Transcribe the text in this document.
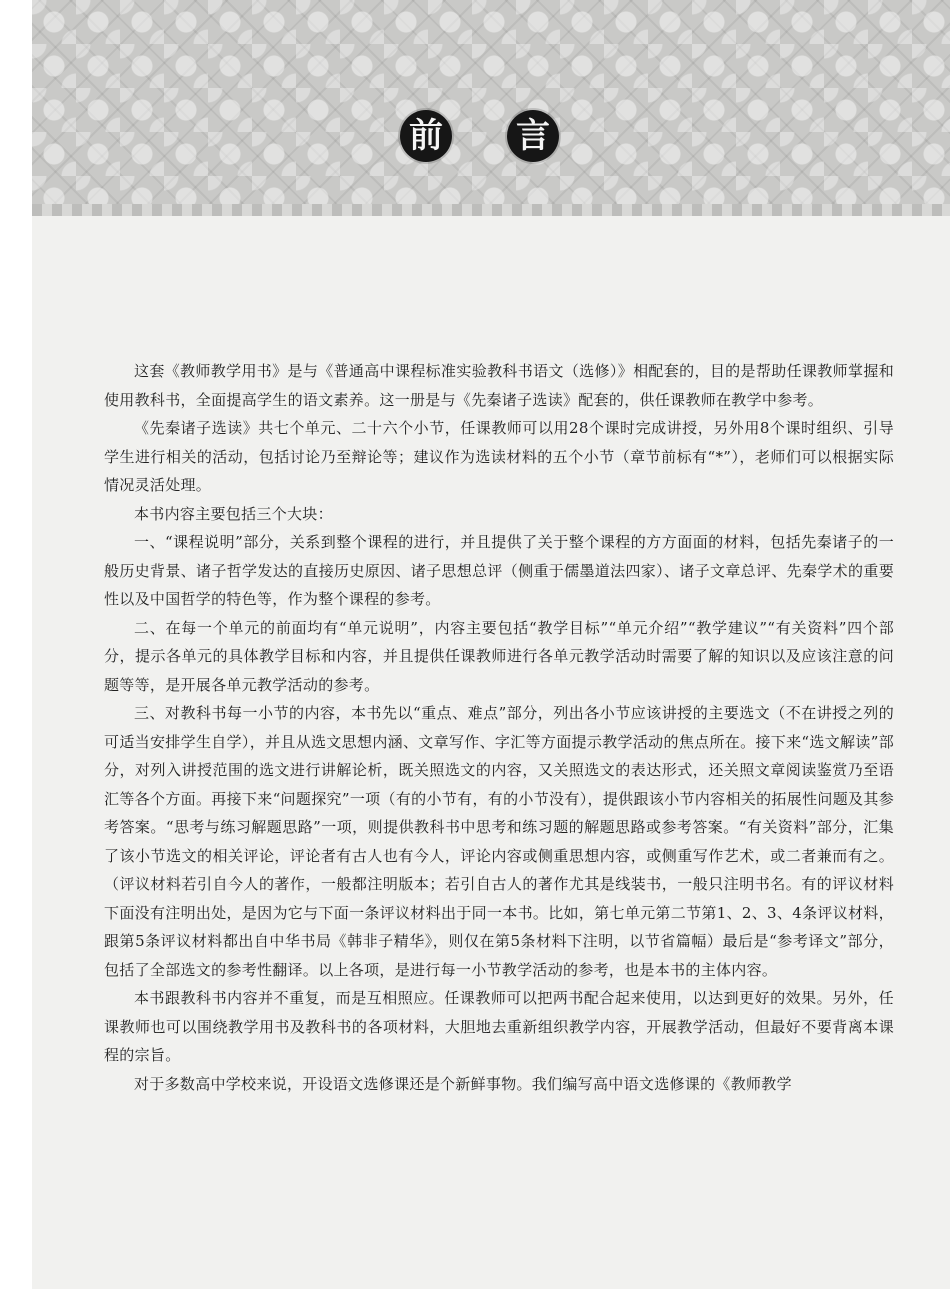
前 言

这套《教师教学用书》是与《普通高中课程标准实验教科书语文（选修）》相配套的，目的是帮助任课教师掌握和使用教科书，全面提高学生的语文素养。这一册是与《先秦诸子选读》配套的，供任课教师在教学中参考。

《先秦诸子选读》共七个单元、二十六个小节，任课教师可以用28个课时完成讲授，另外用8个课时组织、引导学生进行相关的活动，包括讨论乃至辩论等；建议作为选读材料的五个小节（章节前标有“*”），老师们可以根据实际情况灵活处理。

本书内容主要包括三个大块：

一、“课程说明”部分，关系到整个课程的进行，并且提供了关于整个课程的方方面面的材料，包括先秦诸子的一般历史背景、诸子哲学发达的直接历史原因、诸子思想总评（侧重于儒墨道法四家）、诸子文章总评、先秦学术的重要性以及中国哲学的特色等，作为整个课程的参考。

二、在每一个单元的前面均有“单元说明”，内容主要包括“教学目标”“单元介绍”“教学建议”“有关资料”四个部分，提示各单元的具体教学目标和内容，并且提供任课教师进行各单元教学活动时需要了解的知识以及应该注意的问题等等，是开展各单元教学活动的参考。

三、对教科书每一小节的内容，本书先以“重点、难点”部分，列出各小节应该讲授的主要选文（不在讲授之列的可适当安排学生自学），并且从选文思想内涵、文章写作、字汇等方面提示教学活动的焦点所在。接下来“选文解读”部分，对列入讲授范围的选文进行讲解论析，既关照选文的内容，又关照选文的表达形式，还关照文章阅读鉴赏乃至语汇等各个方面。再接下来“问题探究”一项（有的小节有，有的小节没有），提供跟该小节内容相关的拓展性问题及其参考答案。“思考与练习解题思路”一项，则提供教科书中思考和练习题的解题思路或参考答案。“有关资料”部分，汇集了该小节选文的相关评论，评论者有古人也有今人，评论内容或侧重思想内容，或侧重写作艺术，或二者兼而有之。（评议材料若引自今人的著作，一般都注明版本；若引自古人的著作尤其是线装书，一般只注明书名。有的评议材料下面没有注明出处，是因为它与下面一条评议材料出于同一本书。比如，第七单元第二节第1、2、3、4条评议材料，跟第5条评议材料都出自中华书局《韩非子精华》，则仅在第5条材料下注明，以节省篇幅）最后是“参考译文”部分，包括了全部选文的参考性翻译。以上各项，是进行每一小节教学活动的参考，也是本书的主体内容。

本书跟教科书内容并不重复，而是互相照应。任课教师可以把两书配合起来使用，以达到更好的效果。另外，任课教师也可以围绕教学用书及教科书的各项材料，大胆地去重新组织教学内容，开展教学活动，但最好不要背离本课程的宗旨。

对于多数高中学校来说，开设语文选修课还是个新鲜事物。我们编写高中语文选修课的《教师教学
